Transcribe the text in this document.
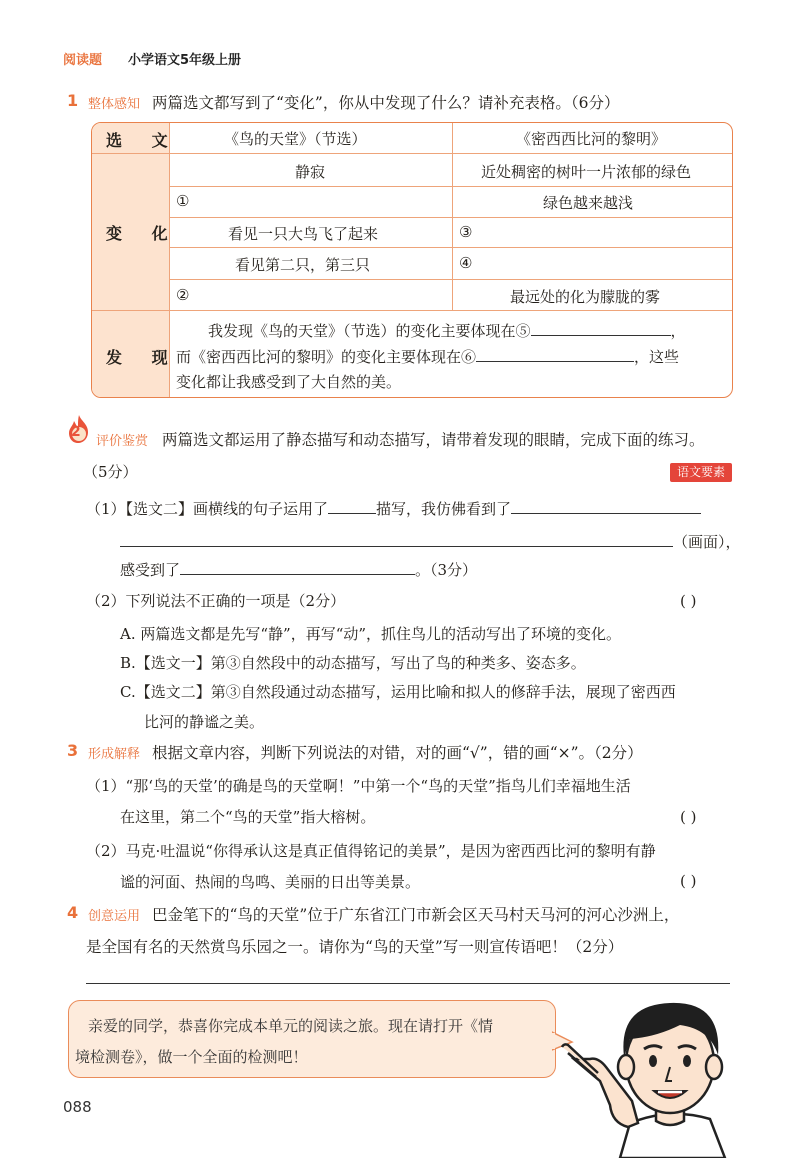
阅读题 小学语文5年级上册
1 整体感知 两篇选文都写到了“变化”，你从中发现了什么？请补充表格。（6分）
选 文	《鸟的天堂》（节选）	《密西西比河的黎明》
变 化
静寂	近处稠密的树叶一片浓郁的绿色
①	绿色越来越浅
看见一只大鸟飞了起来	③
看见第二只，第三只	④
②	最远处的化为朦胧的雾
发 现
我发现《鸟的天堂》（节选）的变化主要体现在⑤	，
而《密西西比河的黎明》的变化主要体现在⑥	，这些
变化都让我感受到了大自然的美。
2
评价鉴赏 两篇选文都运用了静态描写和动态描写，请带着发现的眼睛，完成下面的练习。
（5分）	语文要素
（1）【选文二】画横线的句子运用了	描写，我仿佛看到了
（画面），
感受到了	。（3分）
（2）下列说法不正确的一项是（2分）	( )
A. 两篇选文都是先写“静”，再写“动”，抓住鸟儿的活动写出了环境的变化。
B.【选文一】第③自然段中的动态描写，写出了鸟的种类多、姿态多。
C.【选文二】第③自然段通过动态描写，运用比喻和拟人的修辞手法，展现了密西西
比河的静谧之美。
3 形成解释 根据文章内容，判断下列说法的对错，对的画“√”，错的画“×”。（2分）
（1）“那‘鸟的天堂’的确是鸟的天堂啊！”中第一个“鸟的天堂”指鸟儿们幸福地生活
在这里，第二个“鸟的天堂”指大榕树。	( )
（2）马克·吐温说“你得承认这是真正值得铭记的美景”，是因为密西西比河的黎明有静
谧的河面、热闹的鸟鸣、美丽的日出等美景。	( )
4 创意运用 巴金笔下的“鸟的天堂”位于广东省江门市新会区天马村天马河的河心沙洲上，
是全国有名的天然赏鸟乐园之一。请你为“鸟的天堂”写一则宣传语吧！（2分）
亲爱的同学，恭喜你完成本单元的阅读之旅。现在请打开《情
境检测卷》，做一个全面的检测吧！
088
